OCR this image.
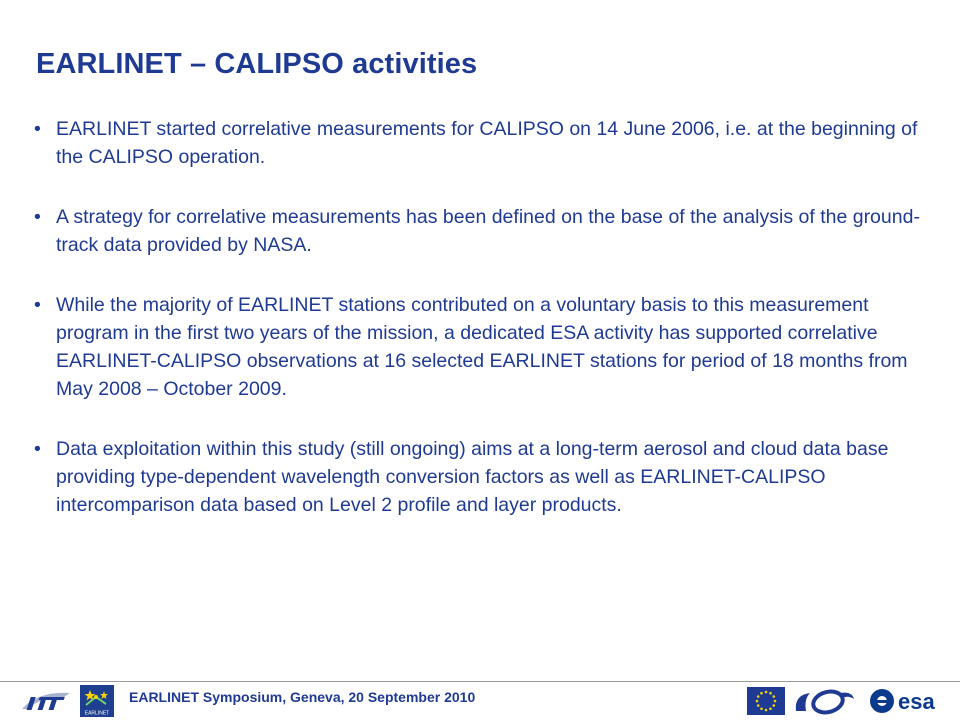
EARLINET – CALIPSO activities
• EARLINET started correlative measurements for CALIPSO on 14 June 2006, i.e. at the beginning of the CALIPSO operation.
• A strategy for correlative measurements has been defined on the base of the analysis of the ground-track data provided by NASA.
• While the majority of EARLINET stations contributed on a voluntary basis to this measurement program in the first two years of the mission, a dedicated ESA activity has supported correlative EARLINET-CALIPSO observations at 16 selected EARLINET stations for period of 18 months from May 2008 – October 2009.
• Data exploitation within this study (still ongoing) aims at a long-term aerosol and cloud data base providing type-dependent wavelength conversion factors as well as EARLINET-CALIPSO intercomparison data based on Level 2 profile and layer products.
EARLINET
EARLINET Symposium, Geneva, 20 September 2010	esa
